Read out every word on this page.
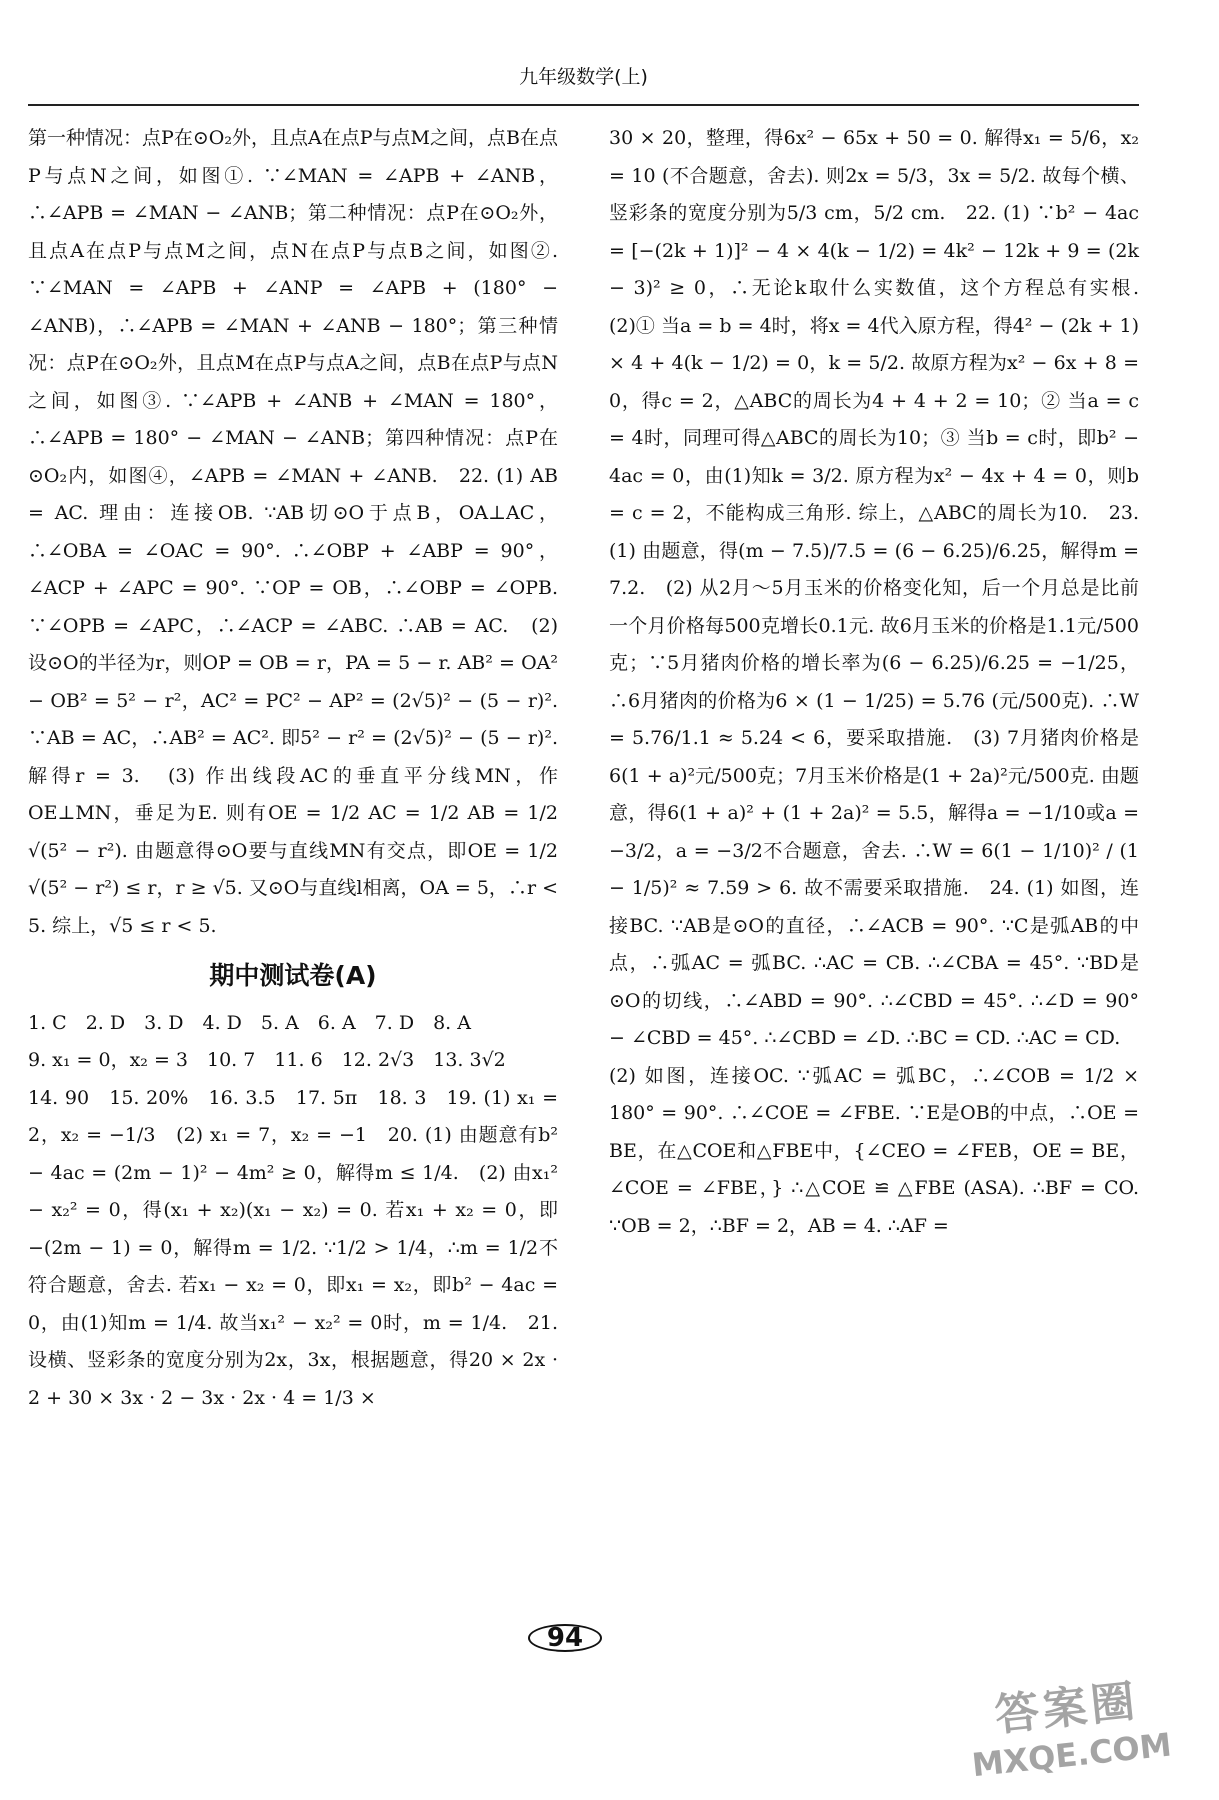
九年级数学(上)

第一种情况：点P在⊙O₂外，且点A在点P与点M之间，点B在点P与点N之间，如图①. ∵∠MAN = ∠APB + ∠ANB，∴∠APB = ∠MAN − ∠ANB；第二种情况：点P在⊙O₂外，且点A在点P与点M之间，点N在点P与点B之间，如图②. ∵∠MAN = ∠APB + ∠ANP = ∠APB + (180° − ∠ANB)，∴∠APB = ∠MAN + ∠ANB − 180°；第三种情况：点P在⊙O₂外，且点M在点P与点A之间，点B在点P与点N之间，如图③. ∵∠APB + ∠ANB + ∠MAN = 180°，∴∠APB = 180° − ∠MAN − ∠ANB；第四种情况：点P在⊙O₂内，如图④，∠APB = ∠MAN + ∠ANB.　22. (1) AB = AC. 理由：连接OB. ∵AB切⊙O于点B，OA⊥AC，∴∠OBA = ∠OAC = 90°. ∴∠OBP + ∠ABP = 90°，∠ACP + ∠APC = 90°. ∵OP = OB，∴∠OBP = ∠OPB. ∵∠OPB = ∠APC，∴∠ACP = ∠ABC. ∴AB = AC.　(2) 设⊙O的半径为r，则OP = OB = r，PA = 5 − r. AB² = OA² − OB² = 5² − r²，AC² = PC² − AP² = (2√5)² − (5 − r)². ∵AB = AC，∴AB² = AC². 即5² − r² = (2√5)² − (5 − r)². 解得r = 3.　(3) 作出线段AC的垂直平分线MN，作OE⊥MN，垂足为E. 则有OE = 1/2 AC = 1/2 AB = 1/2 √(5² − r²). 由题意得⊙O要与直线MN有交点，即OE = 1/2 √(5² − r²) ≤ r，r ≥ √5. 又⊙O与直线l相离，OA = 5，∴r < 5. 综上，√5 ≤ r < 5.

期中测试卷(A)

1. C　2. D　3. D　4. D　5. A　6. A　7. D　8. A

9. x₁ = 0，x₂ = 3　10. 7　11. 6　12. 2√3　13. 3√2

14. 90　15. 20%　16. 3.5　17. 5π　18. 3　19. (1) x₁ = 2，x₂ = −1/3　(2) x₁ = 7，x₂ = −1　20. (1) 由题意有b² − 4ac = (2m − 1)² − 4m² ≥ 0，解得m ≤ 1/4.　(2) 由x₁² − x₂² = 0，得(x₁ + x₂)(x₁ − x₂) = 0. 若x₁ + x₂ = 0，即−(2m − 1) = 0，解得m = 1/2. ∵1/2 > 1/4，∴m = 1/2不符合题意，舍去. 若x₁ − x₂ = 0，即x₁ = x₂，即b² − 4ac = 0，由(1)知m = 1/4. 故当x₁² − x₂² = 0时，m = 1/4.　21. 设横、竖彩条的宽度分别为2x，3x，根据题意，得20 × 2x · 2 + 30 × 3x · 2 − 3x · 2x · 4 = 1/3 ×

30 × 20，整理，得6x² − 65x + 50 = 0. 解得x₁ = 5/6，x₂ = 10 (不合题意，舍去). 则2x = 5/3，3x = 5/2. 故每个横、竖彩条的宽度分别为5/3 cm，5/2 cm.　22. (1) ∵b² − 4ac = [−(2k + 1)]² − 4 × 4(k − 1/2) = 4k² − 12k + 9 = (2k − 3)² ≥ 0，∴无论k取什么实数值，这个方程总有实根.　(2)① 当a = b = 4时，将x = 4代入原方程，得4² − (2k + 1) × 4 + 4(k − 1/2) = 0，k = 5/2. 故原方程为x² − 6x + 8 = 0，得c = 2，△ABC的周长为4 + 4 + 2 = 10；② 当a = c = 4时，同理可得△ABC的周长为10；③ 当b = c时，即b² − 4ac = 0，由(1)知k = 3/2. 原方程为x² − 4x + 4 = 0，则b = c = 2，不能构成三角形. 综上，△ABC的周长为10.　23. (1) 由题意，得(m − 7.5)/7.5 = (6 − 6.25)/6.25，解得m = 7.2.　(2) 从2月～5月玉米的价格变化知，后一个月总是比前一个月价格每500克增长0.1元. 故6月玉米的价格是1.1元/500克；∵5月猪肉价格的增长率为(6 − 6.25)/6.25 = −1/25，∴6月猪肉的价格为6 × (1 − 1/25) = 5.76 (元/500克). ∴W = 5.76/1.1 ≈ 5.24 < 6，要采取措施.　(3) 7月猪肉价格是6(1 + a)²元/500克；7月玉米价格是(1 + 2a)²元/500克. 由题意，得6(1 + a)² + (1 + 2a)² = 5.5，解得a = −1/10或a = −3/2，a = −3/2不合题意，舍去. ∴W = 6(1 − 1/10)² / (1 − 1/5)² ≈ 7.59 > 6. 故不需要采取措施.　24. (1) 如图，连接BC. ∵AB是⊙O的直径，∴∠ACB = 90°. ∵C是弧AB的中点，∴弧AC = 弧BC. ∴AC = CB. ∴∠CBA = 45°. ∵BD是⊙O的切线，∴∠ABD = 90°. ∴∠CBD = 45°. ∴∠D = 90° − ∠CBD = 45°. ∴∠CBD = ∠D. ∴BC = CD. ∴AC = CD.

(2) 如图，连接OC. ∵弧AC = 弧BC，∴∠COB = 1/2 × 180° = 90°. ∴∠COE = ∠FBE. ∵E是OB的中点，∴OE = BE，在△COE和△FBE中，{∠CEO = ∠FEB，OE = BE，∠COE = ∠FBE，} ∴△COE ≌ △FBE (ASA). ∴BF = CO. ∵OB = 2，∴BF = 2，AB = 4. ∴AF =

94
答案圈
MXQE.COM
